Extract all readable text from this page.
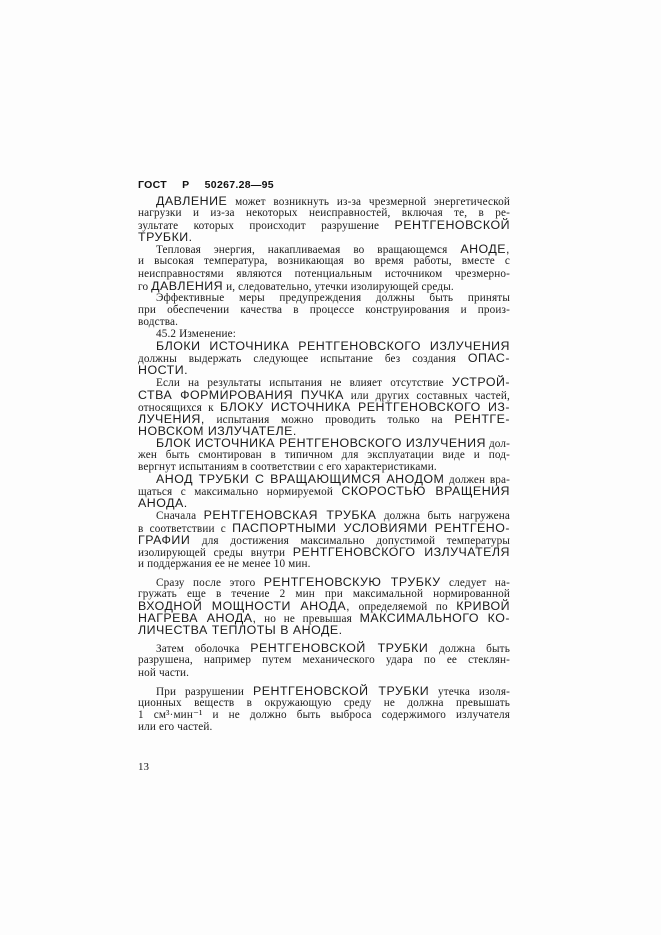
ГОСТ Р 50267.28—95
ДАВЛЕНИЕ может возникнуть из-за чрезмерной энергетической
нагрузки и из-за некоторых неисправностей, включая те, в ре-
зультате которых происходит разрушение РЕНТГЕНОВСКОЙ
ТРУБКИ.
Тепловая энергия, накапливаемая во вращающемся АНОДЕ,
и высокая температура, возникающая во время работы, вместе с
неисправностями являются потенциальным источником чрезмерно-
го ДАВЛЕНИЯ и, следовательно, утечки изолирующей среды.
Эффективные меры предупреждения должны быть приняты
при обеспечении качества в процессе конструирования и произ-
водства.
45.2 Изменение:
БЛОКИ ИСТОЧНИКА РЕНТГЕНОВСКОГО ИЗЛУЧЕНИЯ
должны выдержать следующее испытание без создания ОПАС-
НОСТИ.
Если на результаты испытания не влияет отсутствие УСТРОЙ-
СТВА ФОРМИРОВАНИЯ ПУЧКА или других составных частей,
относящихся к БЛОКУ ИСТОЧНИКА РЕНТГЕНОВСКОГО ИЗ-
ЛУЧЕНИЯ, испытания можно проводить только на РЕНТГЕ-
НОВСКОМ ИЗЛУЧАТЕЛЕ.
БЛОК ИСТОЧНИКА РЕНТГЕНОВСКОГО ИЗЛУЧЕНИЯ дол-
жен быть смонтирован в типичном для эксплуатации виде и под-
вергнут испытаниям в соответствии с его характеристиками.
АНОД ТРУБКИ С ВРАЩАЮЩИМСЯ АНОДОМ должен вра-
щаться с максимально нормируемой СКОРОСТЬЮ ВРАЩЕНИЯ
АНОДА.
Сначала РЕНТГЕНОВСКАЯ ТРУБКА должна быть нагружена
в соответствии с ПАСПОРТНЫМИ УСЛОВИЯМИ РЕНТГЕНО-
ГРАФИИ для достижения максимально допустимой температуры
изолирующей среды внутри РЕНТГЕНОВСКОГО ИЗЛУЧАТЕЛЯ
и поддержания ее не менее 10 мин.
Сразу после этого РЕНТГЕНОВСКУЮ ТРУБКУ следует на-
гружать еще в течение 2 мин при максимальной нормированной
ВХОДНОЙ МОЩНОСТИ АНОДА, определяемой по КРИВОЙ
НАГРЕВА АНОДА, но не превышая МАКСИМАЛЬНОГО КО-
ЛИЧЕСТВА ТЕПЛОТЫ В АНОДЕ.
Затем оболочка РЕНТГЕНОВСКОЙ ТРУБКИ должна быть
разрушена, например путем механического удара по ее стеклян-
ной части.
При разрушении РЕНТГЕНОВСКОЙ ТРУБКИ утечка изоля-
ционных веществ в окружающую среду не должна превышать
1 см³·мин⁻¹ и не должно быть выброса содержимого излучателя
или его частей.
13
